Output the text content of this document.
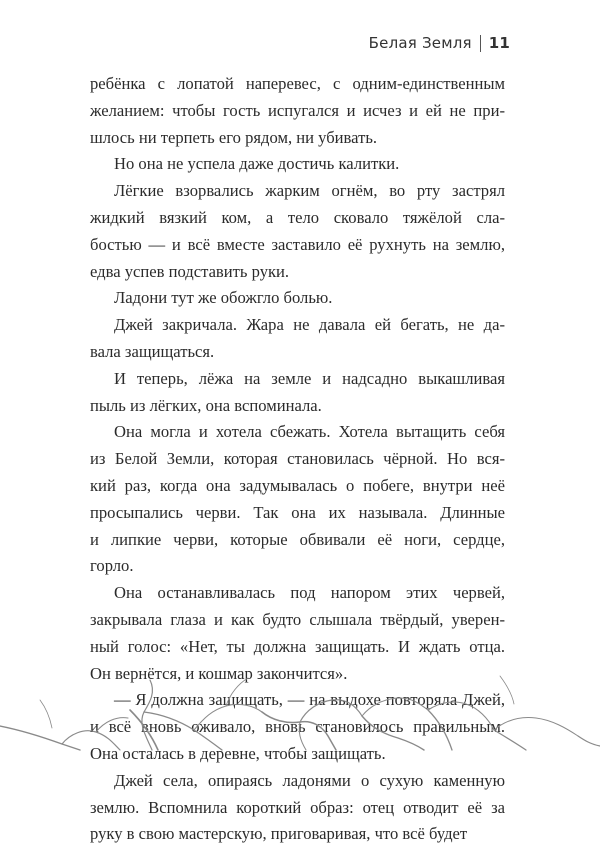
Белая Земля 11

ребёнка с лопатой наперевес, с одним-единственным
желанием: чтобы гость испугался и исчез и ей не при-
шлось ни терпеть его рядом, ни убивать.

Но она не успела даже достичь калитки.

Лёгкие взорвались жарким огнём, во рту застрял
жидкий вязкий ком, а тело сковало тяжёлой сла-
бостью — и всё вместе заставило её рухнуть на землю,
едва успев подставить руки.

Ладони тут же обожгло болью.

Джей закричала. Жара не давала ей бегать, не да-
вала защищаться.

И теперь, лёжа на земле и надсадно выкашливая
пыль из лёгких, она вспоминала.

Она могла и хотела сбежать. Хотела вытащить себя
из Белой Земли, которая становилась чёрной. Но вся-
кий раз, когда она задумывалась о побеге, внутри неё
просыпались черви. Так она их называла. Длинные
и липкие черви, которые обвивали её ноги, сердце,
горло.

Она останавливалась под напором этих червей,
закрывала глаза и как будто слышала твёрдый, уверен-
ный голос: «Нет, ты должна защищать. И ждать отца.
Он вернётся, и кошмар закончится».

— Я должна защищать, — на выдохе повторяла Джей,
и всё вновь оживало, вновь становилось правильным.
Она осталась в деревне, чтобы защищать.

Джей села, опираясь ладонями о сухую каменную
землю. Вспомнила короткий образ: отец отводит её за
руку в свою мастерскую, приговаривая, что всё будет
